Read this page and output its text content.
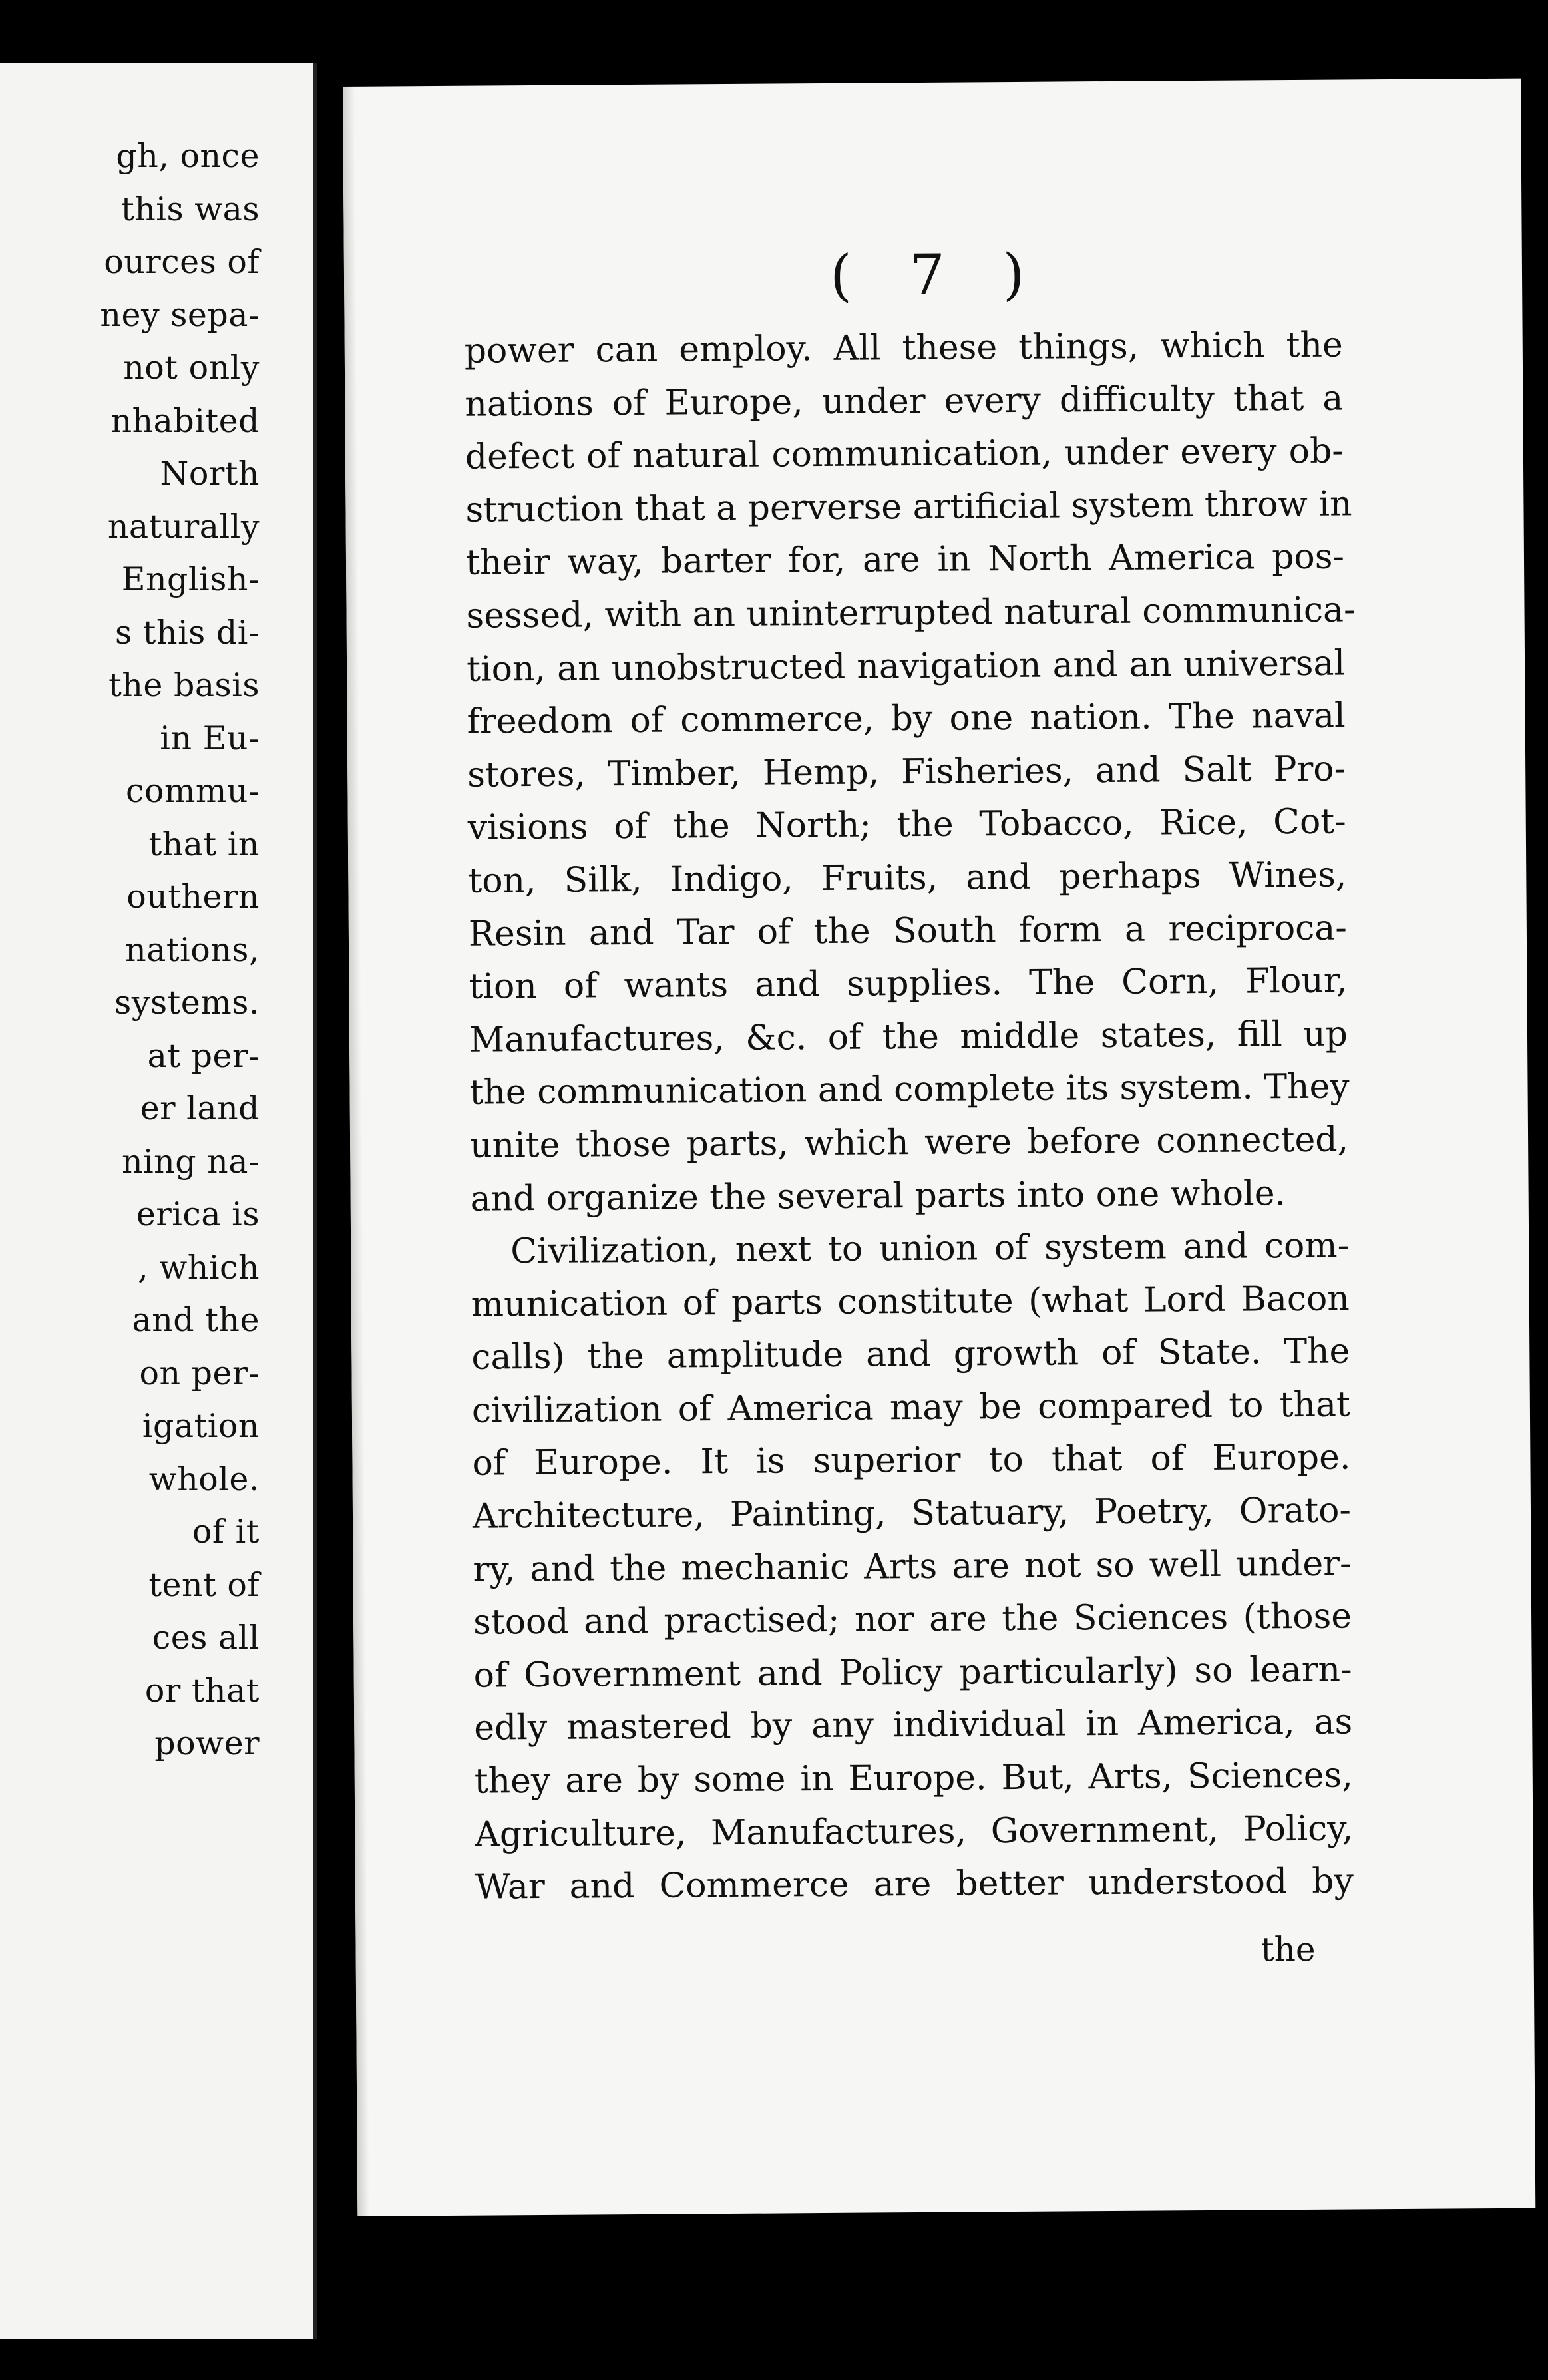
gh, once
this was
ources of
ney sepa-
not only
nhabited
North
naturally
English-
s this di-
the basis
in Eu-
commu-
that in
outhern
nations,
systems.
at per-
er land
ning na-
erica is
, which
and the
on per-
igation
whole.
of it
tent of
ces all
or that
power
( 7 )
power can employ. All these things, which the
nations of Europe, under every difficulty that a
defect of natural communication, under every ob-
struction that a perverse artificial system throw in
their way, barter for, are in North America pos-
sessed, with an uninterrupted natural communica-
tion, an unobstructed navigation and an universal
freedom of commerce, by one nation. The naval
stores, Timber, Hemp, Fisheries, and Salt Pro-
visions of the North; the Tobacco, Rice, Cot-
ton, Silk, Indigo, Fruits, and perhaps Wines,
Resin and Tar of the South form a reciproca-
tion of wants and supplies. The Corn, Flour,
Manufactures, &c. of the middle states, fill up
the communication and complete its system. They
unite those parts, which were before connected,
and organize the several parts into one whole.
Civilization, next to union of system and com-
munication of parts constitute (what Lord Bacon
calls) the amplitude and growth of State. The
civilization of America may be compared to that
of Europe. It is superior to that of Europe.
Architecture, Painting, Statuary, Poetry, Orato-
ry, and the mechanic Arts are not so well under-
stood and practised; nor are the Sciences (those
of Government and Policy particularly) so learn-
edly mastered by any individual in America, as
they are by some in Europe. But, Arts, Sciences,
Agriculture, Manufactures, Government, Policy,
War and Commerce are better understood by
the
